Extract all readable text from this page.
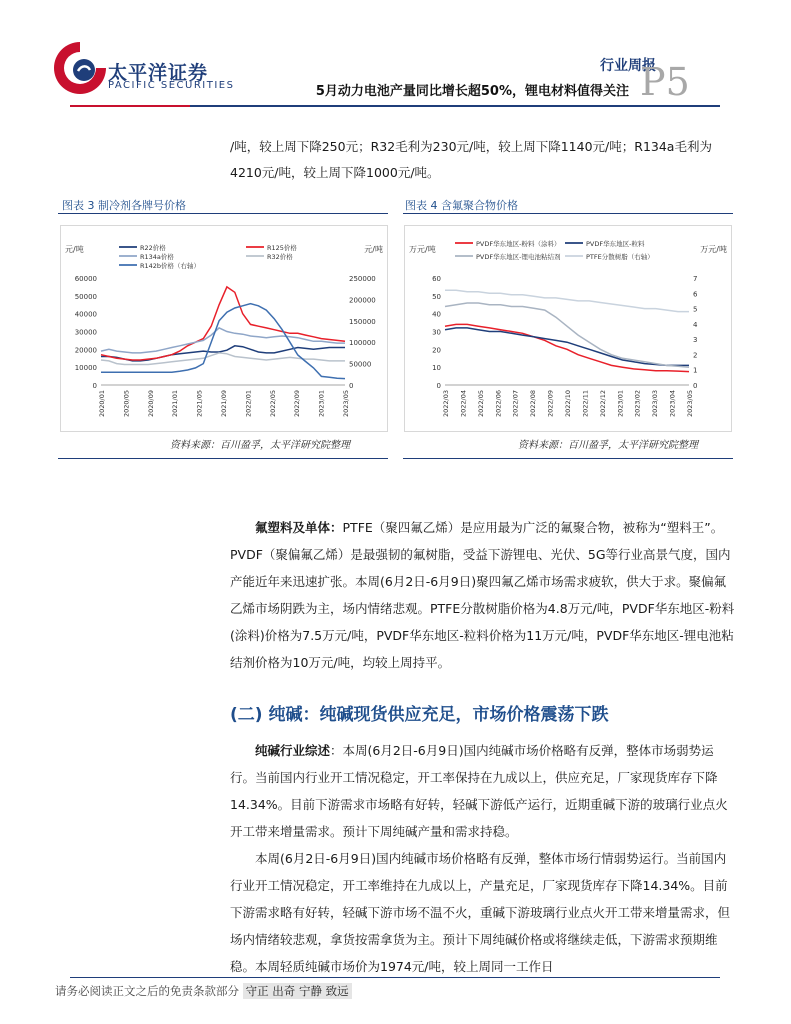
太平洋证券
PACIFIC SECURITIES
行业周报
5月动力电池产量同比增长超50%，锂电材料值得关注 P5
/吨，较上周下降250元；R32毛利为230元/吨，较上周下降1140元/吨；R134a毛利为
4210元/吨，较上周下降1000元/吨。
图表 3 制冷剂各牌号价格
元/吨	元/吨
R22价格	R125价格
R134a价格	R32价格
R142b价格（右轴）
60000
50000
40000
30000
20000
10000
0
250000
200000
150000
100000
50000
0
2020/01	2020/05	2020/09	2021/01	2021/05	2021/09	2022/01	2022/05	2022/09	2023/01	2023/05
资料来源：百川盈孚，太平洋研究院整理
图表 4 含氟聚合物价格
万元/吨	万元/吨
PVDF华东地区-粉料（涂料）	PVDF华东地区-粒料
PVDF华东地区-锂电池粘结剂	PTFE分散树脂（右轴）
60
50
40
30
20
10
0
7
6
5
4
3
2
1
0
2022/03 2022/04 2022/05 2022/06 2022/07 2022/08 2022/09 2022/10 2022/11 2022/12 2023/01 2023/02 2023/03 2023/04 2023/05
资料来源：百川盈孚，太平洋研究院整理

氟塑料及单体：PTFE（聚四氟乙烯）是应用最为广泛的氟聚合物，被称为“塑料王”。PVDF（聚偏氟乙烯）是最强韧的氟树脂，受益下游锂电、光伏、5G等行业高景气度，国内产能近年来迅速扩张。本周(6月2日-6月9日)聚四氟乙烯市场需求疲软，供大于求。聚偏氟乙烯市场阴跌为主，场内情绪悲观。PTFE分散树脂价格为4.8万元/吨，PVDF华东地区-粉料(涂料)价格为7.5万元/吨，PVDF华东地区-粒料价格为11万元/吨，PVDF华东地区-锂电池粘结剂价格为10万元/吨，均较上周持平。

(二) 纯碱：纯碱现货供应充足，市场价格震荡下跌

纯碱行业综述：本周(6月2日-6月9日)国内纯碱市场价格略有反弹，整体市场弱势运行。当前国内行业开工情况稳定，开工率保持在九成以上，供应充足，厂家现货库存下降14.34%。目前下游需求市场略有好转，轻碱下游低产运行，近期重碱下游的玻璃行业点火开工带来增量需求。预计下周纯碱产量和需求持稳。

本周(6月2日-6月9日)国内纯碱市场价格略有反弹，整体市场行情弱势运行。当前国内行业开工情况稳定，开工率维持在九成以上，产量充足，厂家现货库存下降14.34%。目前下游需求略有好转，轻碱下游市场不温不火，重碱下游玻璃行业点火开工带来增量需求，但场内情绪较悲观，拿货按需拿货为主。预计下周纯碱价格或将继续走低，下游需求预期维稳。本周轻质纯碱市场价为1974元/吨，较上周同一工作日

请务必阅读正文之后的免责条款部分 守正 出奇 宁静 致远
